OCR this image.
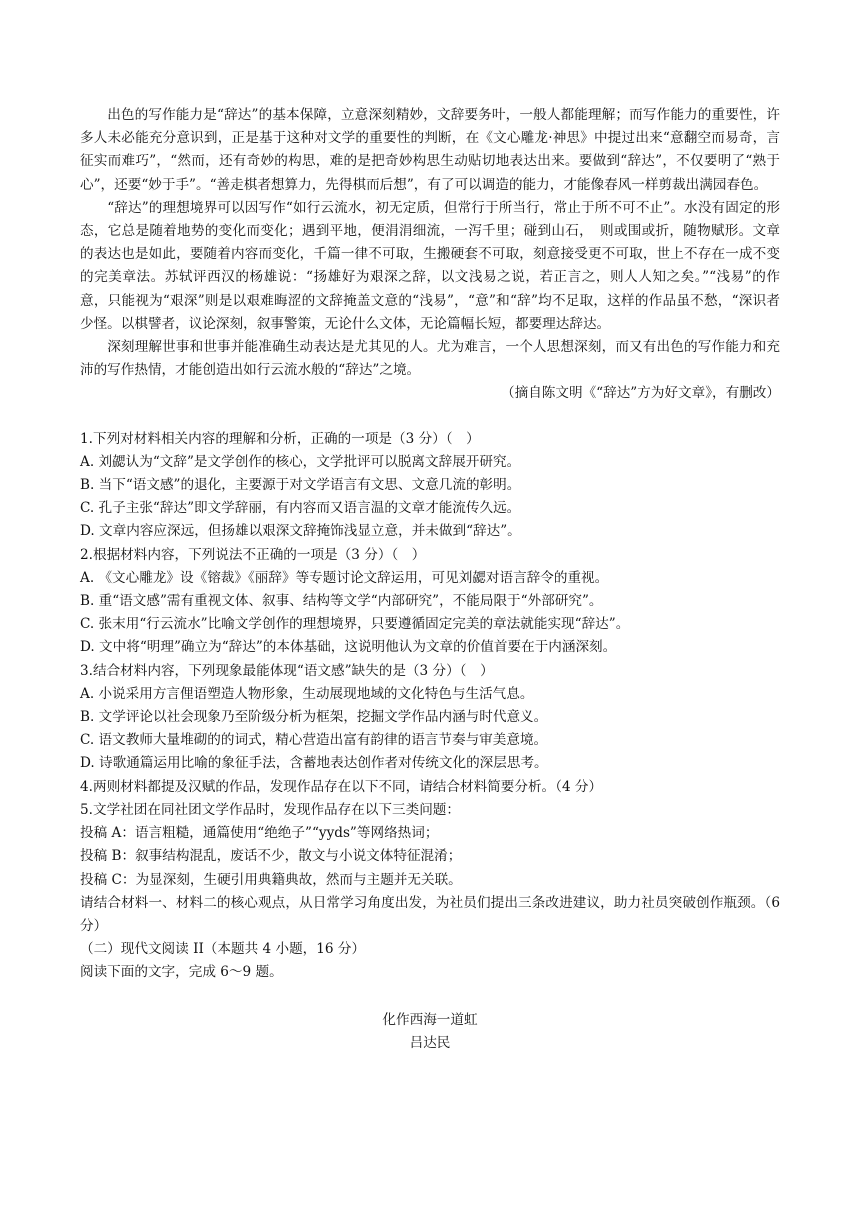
出色的写作能力是“辞达”的基本保障，立意深刻精妙，文辞要务叶，一般人都能理解；而写作能力的重要性，许多人未必能充分意识到，正是基于这种对文学的重要性的判断，在《文心雕龙·神思》中提过出来“意翻空而易奇，言征实而难巧”，“然而，还有奇妙的构思，难的是把奇妙构思生动贴切地表达出来。要做到“辞达”，不仅要明了“熟于心”，还要“妙于手”。“善走棋者想算力，先得棋而后想”，有了可以调造的能力，才能像春风一样剪裁出满园春色。

“辞达”的理想境界可以因写作“如行云流水，初无定质，但常行于所当行，常止于所不可不止”。水没有固定的形态，它总是随着地势的变化而变化；遇到平地，便涓涓细流，一泻千里；碰到山石，　则或围或折，随物赋形。文章的表达也是如此，要随着内容而变化，千篇一律不可取，生搬硬套不可取，刻意接受更不可取，世上不存在一成不变的完美章法。苏轼评西汉的杨雄说：“扬雄好为艰深之辞，以文浅易之说，若正言之，则人人知之矣。”“浅易”的作意，只能视为“艰深”则是以艰难晦涩的文辞掩盖文意的“浅易”，“意”和“辞”均不足取，这样的作品虽不愁，“深识者少怪。以棋譬者，议论深刻，叙事警策，无论什么文体，无论篇幅长短，都要理达辞达。

深刻理解世事和世事并能准确生动表达是尤其见的人。尤为难言，一个人思想深刻，而又有出色的写作能力和充沛的写作热情，才能创造出如行云流水般的“辞达”之境。

（摘自陈文明《“辞达”方为好文章》，有删改）

1.下列对材料相关内容的理解和分析，正确的一项是（3 分）（　）

A. 刘勰认为“文辞”是文学创作的核心，文学批评可以脱离文辞展开研究。

B. 当下“语文感”的退化，主要源于对文学语言有文思、文意几流的彰明。

C. 孔子主张“辞达”即文学辞丽，有内容而又语言温的文章才能流传久远。

D. 文章内容应深远，但扬雄以艰深文辞掩饰浅显立意，并未做到“辞达”。

2.根据材料内容，下列说法不正确的一项是（3 分）（　）

A. 《文心雕龙》设《镕裁》《丽辞》等专题讨论文辞运用，可见刘勰对语言辞令的重视。

B. 重“语文感”需有重视文体、叙事、结构等文学“内部研究”，不能局限于“外部研究”。

C. 张末用“行云流水”比喻文学创作的理想境界，只要遵循固定完美的章法就能实现“辞达”。

D. 文中将“明理”确立为“辞达”的本体基础，这说明他认为文章的价值首要在于内涵深刻。

3.结合材料内容，下列现象最能体现“语文感”缺失的是（3 分）（　）

A. 小说采用方言俚语塑造人物形象，生动展现地域的文化特色与生活气息。

B. 文学评论以社会现象乃至阶级分析为框架，挖掘文学作品内涵与时代意义。

C. 语文教师大量堆砌的的词式，精心营造出富有韵律的语言节奏与审美意境。

D. 诗歌通篇运用比喻的象征手法，含蓄地表达创作者对传统文化的深层思考。

4.两则材料都提及汉赋的作品，发现作品存在以下不同，请结合材料简要分析。（4 分）

5.文学社团在同社团文学作品时，发现作品存在以下三类问题：

投稿 A：语言粗糙，通篇使用“绝绝子”“yyds”等网络热词；

投稿 B：叙事结构混乱，废话不少，散文与小说文体特征混淆；

投稿 C：为显深刻，生硬引用典籍典故，然而与主题并无关联。

请结合材料一、材料二的核心观点，从日常学习角度出发，为社员们提出三条改进建议，助力社员突破创作瓶颈。（6 分）

（二）现代文阅读 II（本题共 4 小题，16 分）

阅读下面的文字，完成 6～9 题。

化作西海一道虹
吕达民
